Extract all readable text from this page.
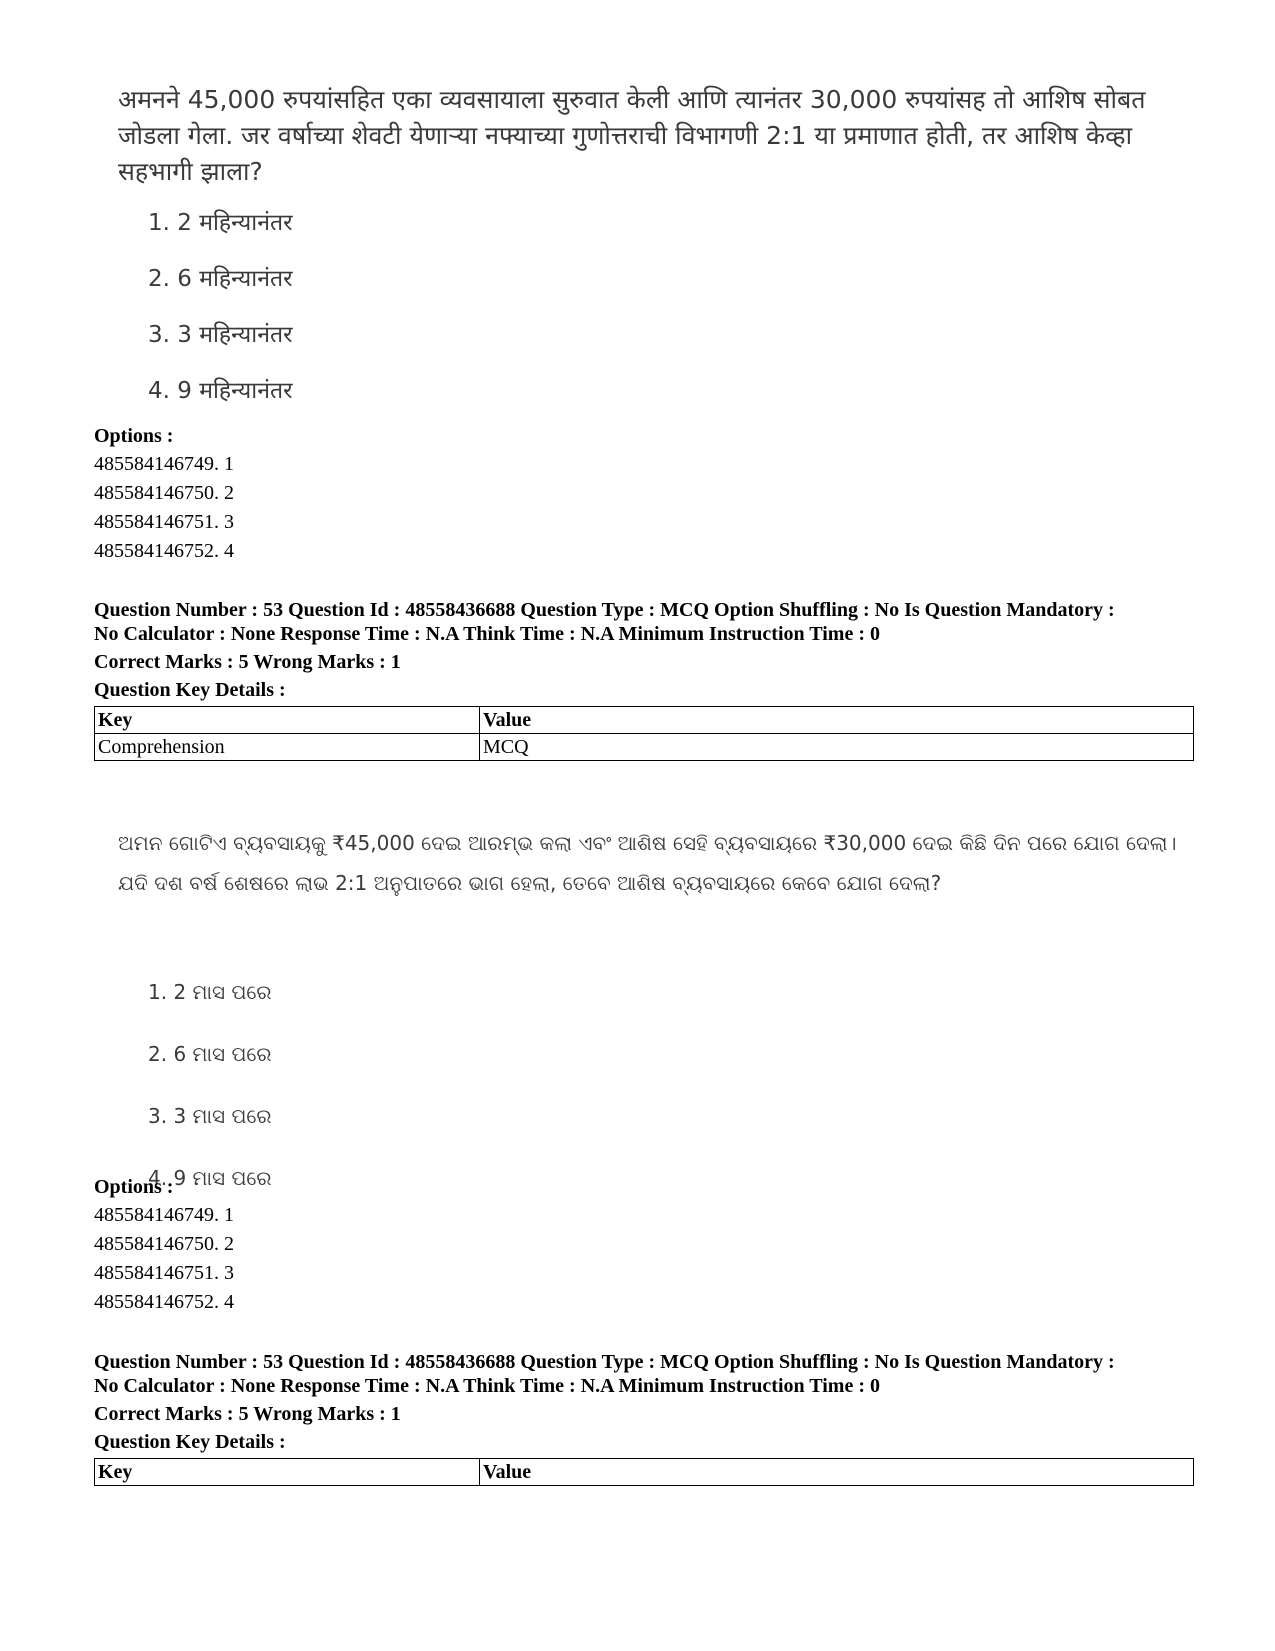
अमनने 45,000 रुपयांसहित एका व्यवसायाला सुरुवात केली आणि त्यानंतर 30,000 रुपयांसह तो आशिष सोबत जोडला गेला. जर वर्षाच्या शेवटी येणाऱ्या नफ्याच्या गुणोत्तराची विभागणी 2:1 या प्रमाणात होती, तर आशिष केव्हा सहभागी झाला?
1. 2 महिन्यानंतर
2. 6 महिन्यानंतर
3. 3 महिन्यानंतर
4. 9 महिन्यानंतर
Options :
485584146749. 1
485584146750. 2
485584146751. 3
485584146752. 4
Question Number : 53 Question Id : 48558436688 Question Type : MCQ Option Shuffling : No Is Question Mandatory :
No Calculator : None Response Time : N.A Think Time : N.A Minimum Instruction Time : 0
Correct Marks : 5 Wrong Marks : 1
Question Key Details :
Key	Value
Comprehension	MCQ
ଅମନ ଗୋଟିଏ ବ୍ୟବସାୟକୁ ₹45,000 ଦେଇ ଆରମ୍ଭ କଲା ଏବଂ ଆଶିଷ ସେହି ବ୍ୟବସାୟରେ ₹30,000 ଦେଇ କିଛି ଦିନ ପରେ ଯୋଗ ଦେଲା।
ଯଦି ଦଶ ବର୍ଷ ଶେଷରେ ଲାଭ 2:1 ଅନୁପାତରେ ଭାଗ ହେଲା, ତେବେ ଆଶିଷ ବ୍ୟବସାୟରେ କେବେ ଯୋଗ ଦେଲା?
1. 2 ମାସ ପରେ
2. 6 ମାସ ପରେ
3. 3 ମାସ ପରେ
4. 9 ମାସ ପରେ
Options :
485584146749. 1
485584146750. 2
485584146751. 3
485584146752. 4
Question Number : 53 Question Id : 48558436688 Question Type : MCQ Option Shuffling : No Is Question Mandatory :
No Calculator : None Response Time : N.A Think Time : N.A Minimum Instruction Time : 0
Correct Marks : 5 Wrong Marks : 1
Question Key Details :
Key	Value
